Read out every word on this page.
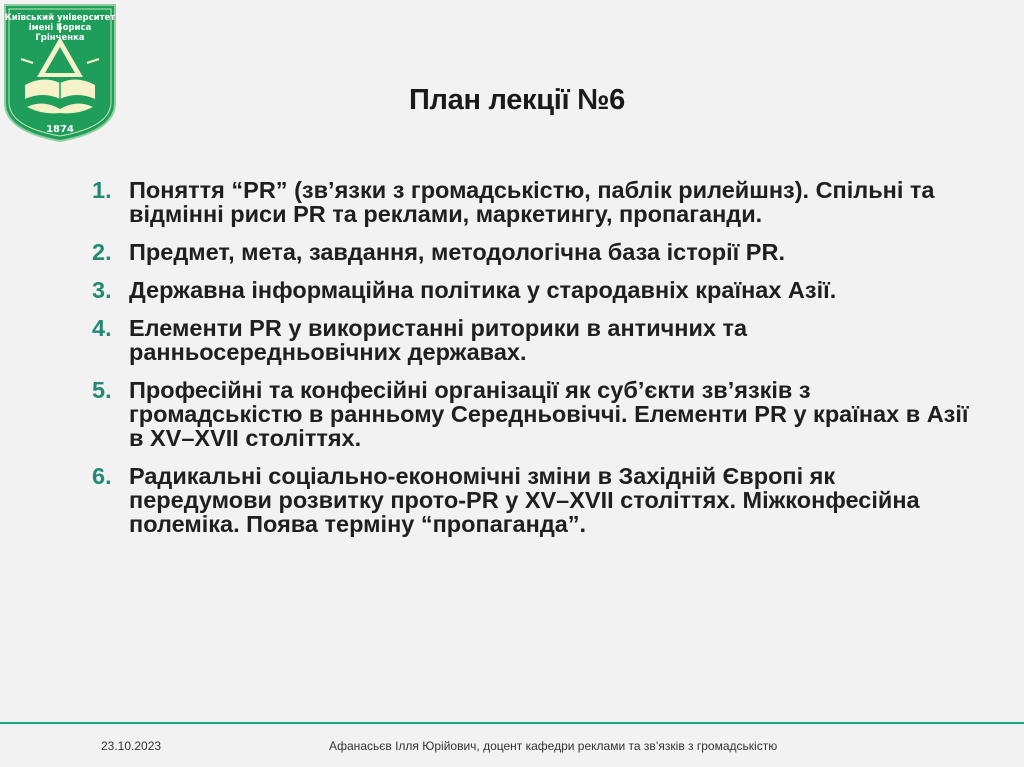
Київський університет
імені Бориса Грінченка
1874
План лекції №6
1. Поняття “PR” (зв’язки з громадськістю, паблік рилейшнз). Спільні та відмінні риси PR та реклами, маркетингу, пропаганди.
2. Предмет, мета, завдання, методологічна база історії PR.
3. Державна інформаційна політика у стародавніх країнах Азії.
4. Елементи PR у використанні риторики в античних та ранньосередньовічних державах.
5. Професійні та конфесійні організації як суб’єкти зв’язків з громадськістю в ранньому Середньовіччі. Елементи PR у країнах в Азії в XV–XVII століттях.
6. Радикальні соціально-економічні зміни в Західній Європі як передумови розвитку прото-PR у XV–XVII століттях. Міжконфесійна полеміка. Поява терміну “пропаганда”.
23.10.2023	Афанасьєв Ілля Юрійович, доцент кафедри реклами та зв’язків з громадськістю
